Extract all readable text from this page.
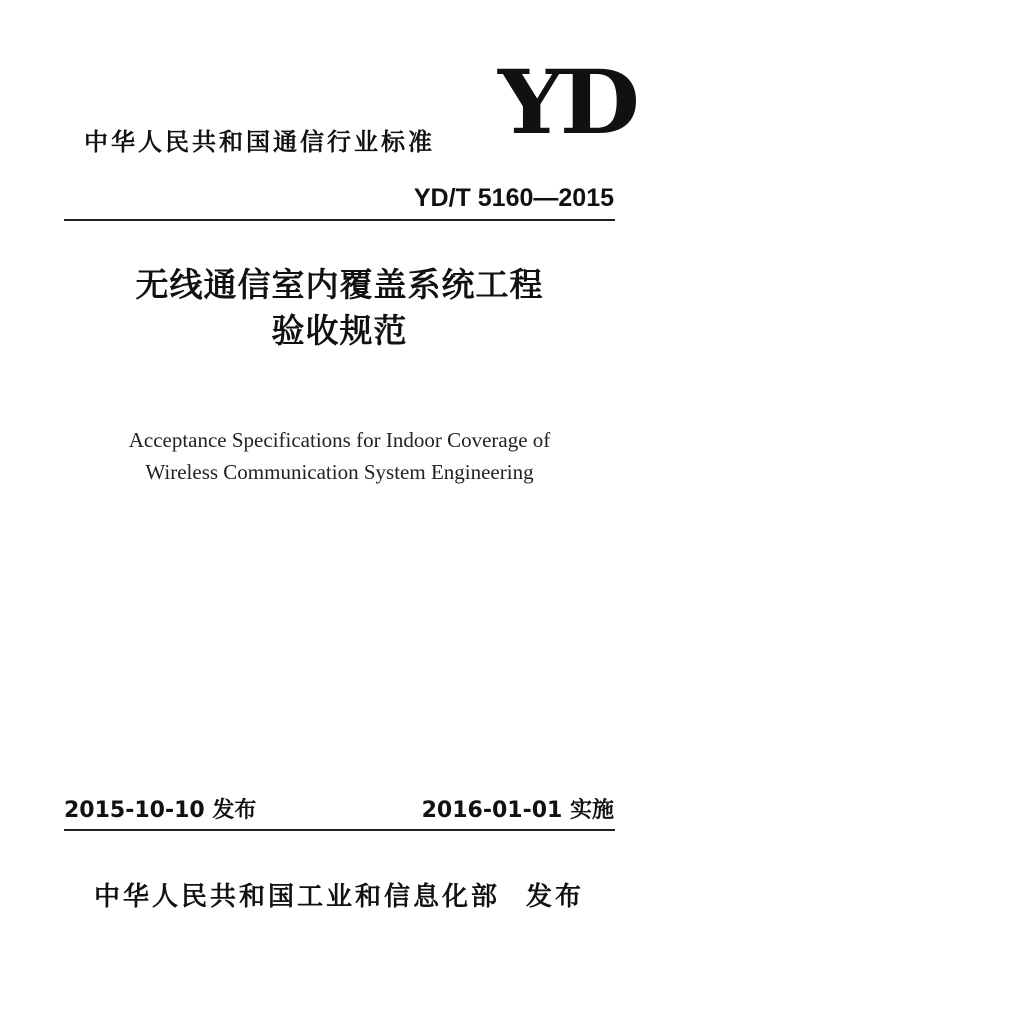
中华人民共和国通信行业标准 YD
YD/T 5160—2015
无线通信室内覆盖系统工程
验收规范
Acceptance Specifications for Indoor Coverage of
Wireless Communication System Engineering
2015-10-10 发布	2016-01-01 实施
中华人民共和国工业和信息化部 发布
